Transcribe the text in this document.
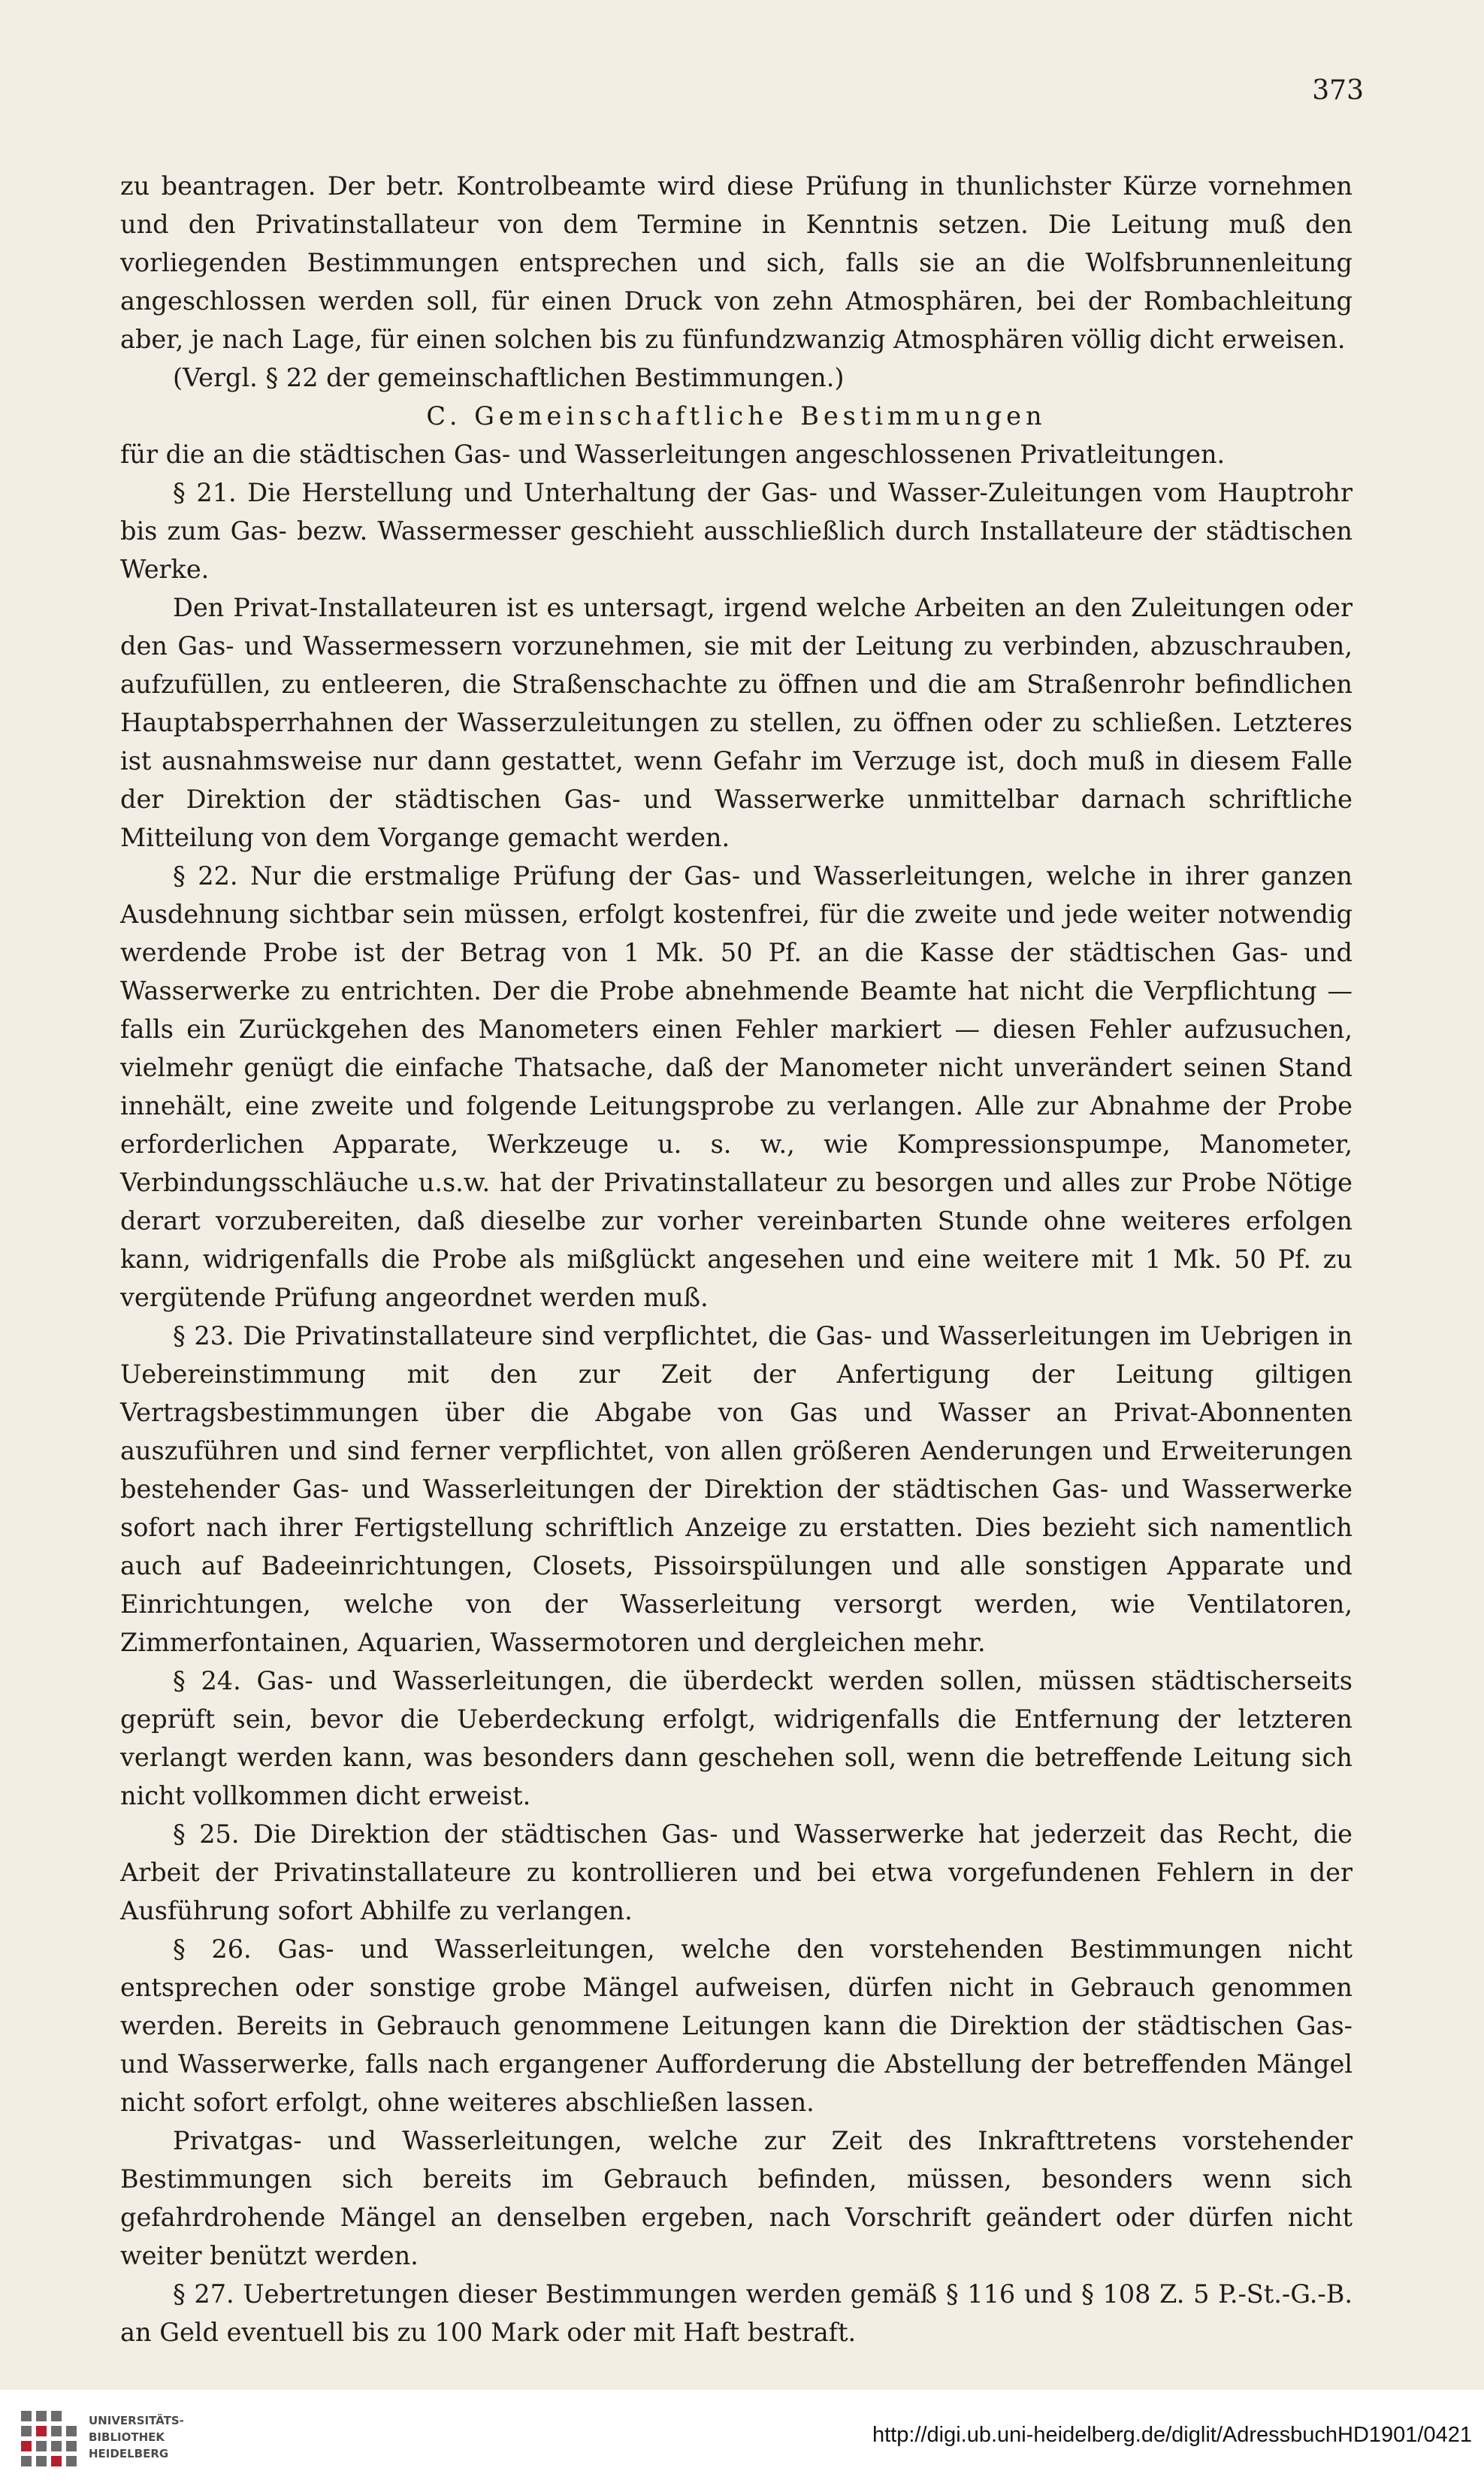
373

zu beantragen. Der betr. Kontrolbeamte wird diese Prüfung in thunlichster Kürze vornehmen und den Privatinstallateur von dem Termine in Kenntnis setzen. Die Leitung muß den vorliegenden Bestimmungen entsprechen und sich, falls sie an die Wolfsbrunnenleitung angeschlossen werden soll, für einen Druck von zehn Atmosphären, bei der Rombachleitung aber, je nach Lage, für einen solchen bis zu fünfundzwanzig Atmosphären völlig dicht erweisen.

(Vergl. § 22 der gemeinschaftlichen Bestimmungen.)

C. Gemeinschaftliche Bestimmungen

für die an die städtischen Gas- und Wasserleitungen angeschlossenen Privatleitungen.

§ 21. Die Herstellung und Unterhaltung der Gas- und Wasser-Zuleitungen vom Hauptrohr bis zum Gas- bezw. Wassermesser geschieht ausschließlich durch Installateure der städtischen Werke.

Den Privat-Installateuren ist es untersagt, irgend welche Arbeiten an den Zuleitungen oder den Gas- und Wassermessern vorzunehmen, sie mit der Leitung zu verbinden, abzuschrauben, aufzufüllen, zu entleeren, die Straßenschachte zu öffnen und die am Straßenrohr befindlichen Hauptabsperrhahnen der Wasserzuleitungen zu stellen, zu öffnen oder zu schließen. Letzteres ist ausnahmsweise nur dann gestattet, wenn Gefahr im Verzuge ist, doch muß in diesem Falle der Direktion der städtischen Gas- und Wasserwerke unmittelbar darnach schriftliche Mitteilung von dem Vorgange gemacht werden.

§ 22. Nur die erstmalige Prüfung der Gas- und Wasserleitungen, welche in ihrer ganzen Ausdehnung sichtbar sein müssen, erfolgt kostenfrei, für die zweite und jede weiter notwendig werdende Probe ist der Betrag von 1 Mk. 50 Pf. an die Kasse der städtischen Gas- und Wasserwerke zu entrichten. Der die Probe abnehmende Beamte hat nicht die Verpflichtung — falls ein Zurückgehen des Manometers einen Fehler markiert — diesen Fehler aufzusuchen, vielmehr genügt die einfache Thatsache, daß der Manometer nicht unverändert seinen Stand innehält, eine zweite und folgende Leitungsprobe zu verlangen. Alle zur Abnahme der Probe erforderlichen Apparate, Werkzeuge u. s. w., wie Kompressionspumpe, Manometer, Verbindungsschläuche u.s.w. hat der Privatinstallateur zu besorgen und alles zur Probe Nötige derart vorzubereiten, daß dieselbe zur vorher vereinbarten Stunde ohne weiteres erfolgen kann, widrigenfalls die Probe als mißglückt angesehen und eine weitere mit 1 Mk. 50 Pf. zu vergütende Prüfung angeordnet werden muß.

§ 23. Die Privatinstallateure sind verpflichtet, die Gas- und Wasserleitungen im Uebrigen in Uebereinstimmung mit den zur Zeit der Anfertigung der Leitung giltigen Vertragsbestimmungen über die Abgabe von Gas und Wasser an Privat-Abonnenten auszuführen und sind ferner verpflichtet, von allen größeren Aenderungen und Erweiterungen bestehender Gas- und Wasserleitungen der Direktion der städtischen Gas- und Wasserwerke sofort nach ihrer Fertigstellung schriftlich Anzeige zu erstatten. Dies bezieht sich namentlich auch auf Badeeinrichtungen, Closets, Pissoirspülungen und alle sonstigen Apparate und Einrichtungen, welche von der Wasserleitung versorgt werden, wie Ventilatoren, Zimmerfontainen, Aquarien, Wassermotoren und dergleichen mehr.

§ 24. Gas- und Wasserleitungen, die überdeckt werden sollen, müssen städtischerseits geprüft sein, bevor die Ueberdeckung erfolgt, widrigenfalls die Entfernung der letzteren verlangt werden kann, was besonders dann geschehen soll, wenn die betreffende Leitung sich nicht vollkommen dicht erweist.

§ 25. Die Direktion der städtischen Gas- und Wasserwerke hat jederzeit das Recht, die Arbeit der Privatinstallateure zu kontrollieren und bei etwa vorgefundenen Fehlern in der Ausführung sofort Abhilfe zu verlangen.

§ 26. Gas- und Wasserleitungen, welche den vorstehenden Bestimmungen nicht entsprechen oder sonstige grobe Mängel aufweisen, dürfen nicht in Gebrauch genommen werden. Bereits in Gebrauch genommene Leitungen kann die Direktion der städtischen Gas- und Wasserwerke, falls nach ergangener Aufforderung die Abstellung der betreffenden Mängel nicht sofort erfolgt, ohne weiteres abschließen lassen.

Privatgas- und Wasserleitungen, welche zur Zeit des Inkrafttretens vorstehender Bestimmungen sich bereits im Gebrauch befinden, müssen, besonders wenn sich gefahrdrohende Mängel an denselben ergeben, nach Vorschrift geändert oder dürfen nicht weiter benützt werden.

§ 27. Uebertretungen dieser Bestimmungen werden gemäß § 116 und § 108 Z. 5 P.-St.-G.-B. an Geld eventuell bis zu 100 Mark oder mit Haft bestraft.

UNIVERSITÄTS-
BIBLIOTHEK
HEIDELBERG
http://digi.ub.uni-heidelberg.de/diglit/AdressbuchHD1901/0421
